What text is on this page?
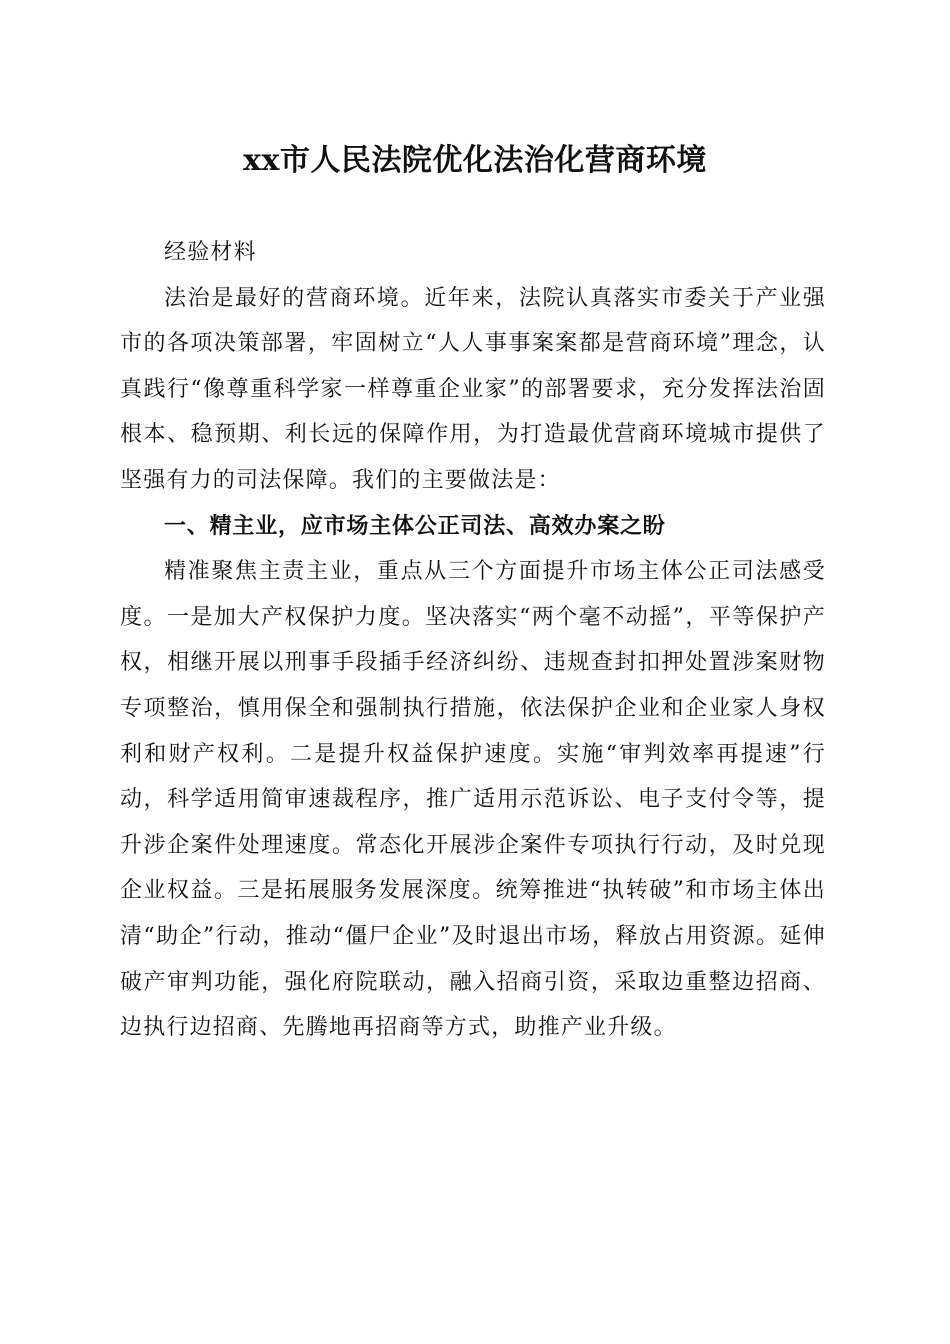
xx市人民法院优化法治化营商环境

经验材料

法治是最好的营商环境。近年来，法院认真落实市委关于产业强市的各项决策部署，牢固树立“人人事事案案都是营商环境”理念，认真践行“像尊重科学家一样尊重企业家”的部署要求，充分发挥法治固根本、稳预期、利长远的保障作用，为打造最优营商环境城市提供了坚强有力的司法保障。我们的主要做法是：

一、精主业，应市场主体公正司法、高效办案之盼

精准聚焦主责主业，重点从三个方面提升市场主体公正司法感受度。一是加大产权保护力度。坚决落实“两个毫不动摇”，平等保护产权，相继开展以刑事手段插手经济纠纷、违规查封扣押处置涉案财物专项整治，慎用保全和强制执行措施，依法保护企业和企业家人身权利和财产权利。二是提升权益保护速度。实施“审判效率再提速”行动，科学适用简审速裁程序，推广适用示范诉讼、电子支付令等，提升涉企案件处理速度。常态化开展涉企案件专项执行行动，及时兑现企业权益。三是拓展服务发展深度。统筹推进“执转破”和市场主体出清“助企”行动，推动“僵尸企业”及时退出市场，释放占用资源。延伸破产审判功能，强化府院联动，融入招商引资，采取边重整边招商、边执行边招商、先腾地再招商等方式，助推产业升级。
